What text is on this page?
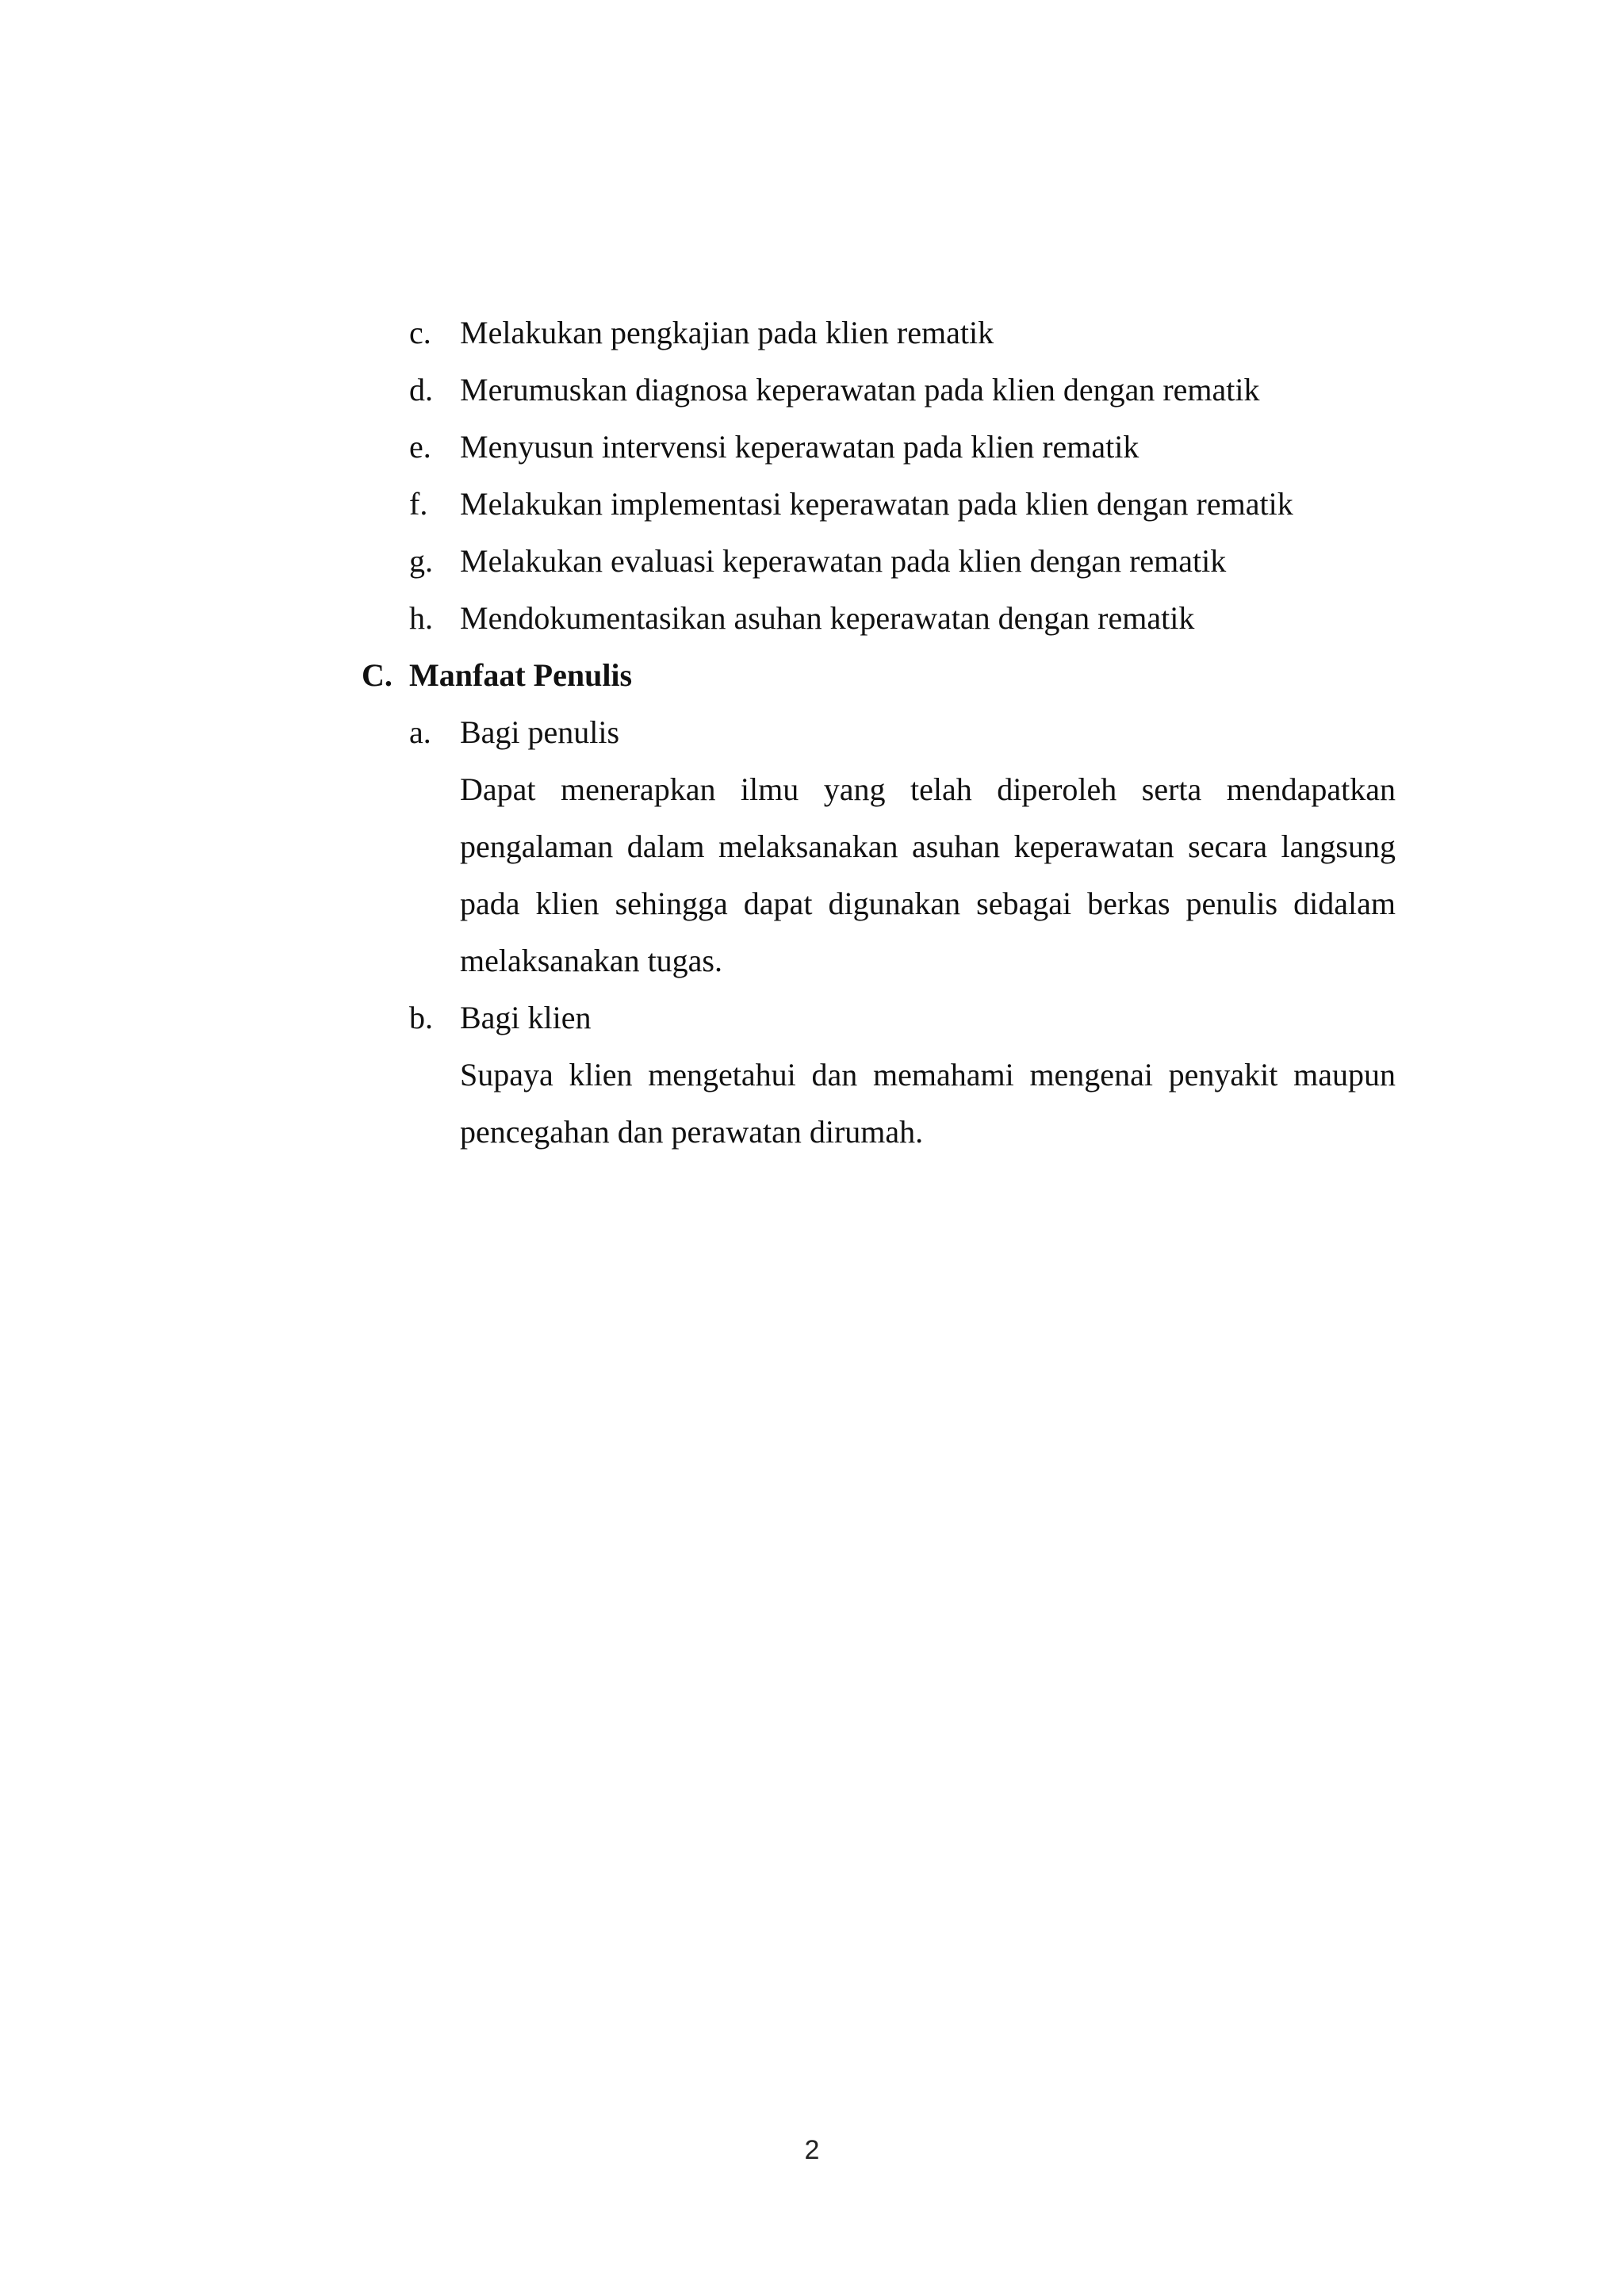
c. Melakukan pengkajian pada klien rematik
d. Merumuskan diagnosa keperawatan pada klien dengan rematik
e. Menyusun intervensi keperawatan pada klien rematik
f. Melakukan implementasi keperawatan pada klien dengan rematik
g. Melakukan evaluasi keperawatan pada klien dengan rematik
h. Mendokumentasikan asuhan keperawatan dengan rematik
C. Manfaat Penulis
a. Bagi penulis
Dapat menerapkan ilmu yang telah diperoleh serta mendapatkan
pengalaman dalam melaksanakan asuhan keperawatan secara langsung
pada klien sehingga dapat digunakan sebagai berkas penulis didalam
melaksanakan tugas.
b. Bagi klien
Supaya klien mengetahui dan memahami mengenai penyakit maupun
pencegahan dan perawatan dirumah.
2
